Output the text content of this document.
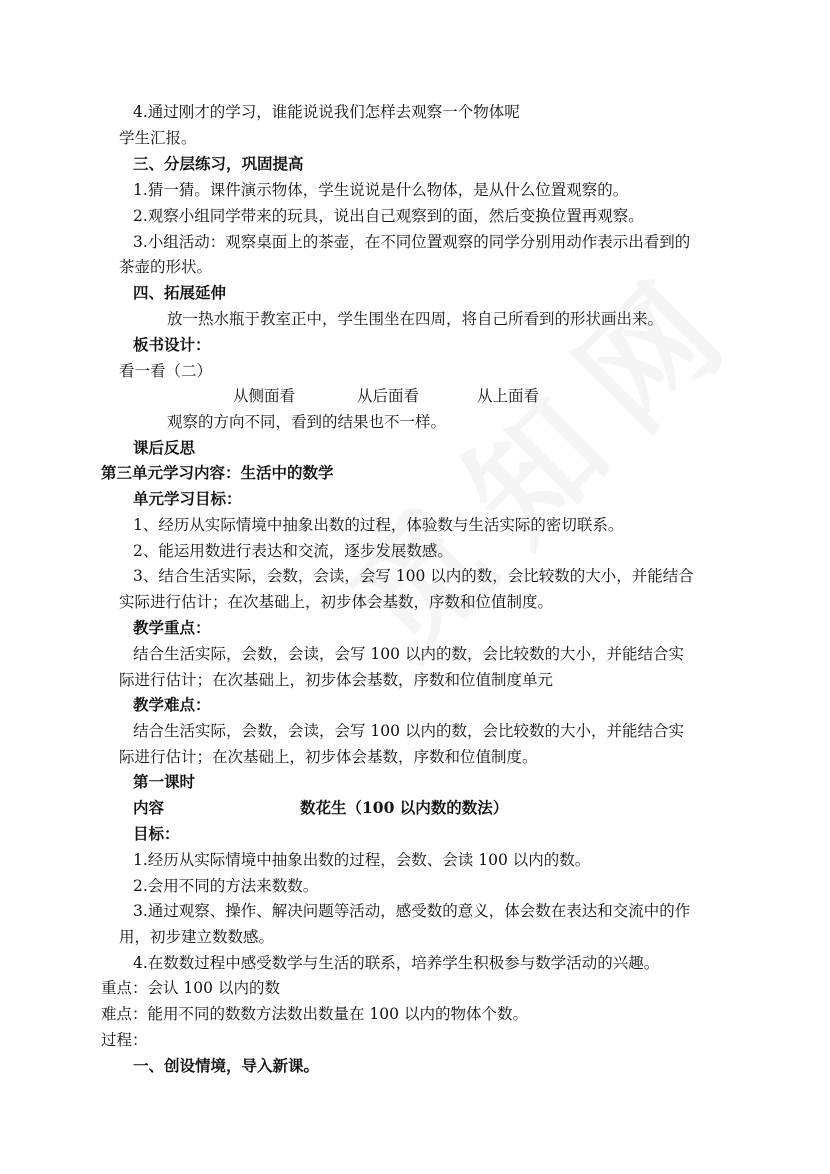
4.通过刚才的学习，谁能说说我们怎样去观察一个物体呢
学生汇报。
三、分层练习，巩固提高
1.猜一猜。课件演示物体，学生说说是什么物体，是从什么位置观察的。
2.观察小组同学带来的玩具，说出自己观察到的面，然后变换位置再观察。
3.小组活动：观察桌面上的茶壶，在不同位置观察的同学分别用动作表示出看到的
茶壶的形状。
四、拓展延伸
放一热水瓶于教室正中，学生围坐在四周，将自己所看到的形状画出来。
板书设计：
看一看（二）
从侧面看	从后面看	从上面看
观察的方向不同，看到的结果也不一样。
课后反思
第三单元学习内容：生活中的数学
单元学习目标：
1、经历从实际情境中抽象出数的过程，体验数与生活实际的密切联系。
2、能运用数进行表达和交流，逐步发展数感。
3、结合生活实际，会数，会读，会写 100 以内的数，会比较数的大小，并能结合
实际进行估计；在次基础上，初步体会基数，序数和位值制度。
教学重点：
结合生活实际，会数，会读，会写 100 以内的数，会比较数的大小，并能结合实
际进行估计；在次基础上，初步体会基数，序数和位值制度单元
教学难点：
结合生活实际，会数，会读，会写 100 以内的数，会比较数的大小，并能结合实
际进行估计；在次基础上，初步体会基数，序数和位值制度。
第一课时
内容	数花生（100 以内数的数法）
目标：
1.经历从实际情境中抽象出数的过程，会数、会读 100 以内的数。
2.会用不同的方法来数数。
3.通过观察、操作、解决问题等活动，感受数的意义，体会数在表达和交流中的作
用，初步建立数数感。
4.在数数过程中感受数学与生活的联系，培养学生积极参与数学活动的兴趣。
重点：会认 100 以内的数
难点：能用不同的数数方法数出数量在 100 以内的物体个数。
过程：
一、创设情境，导入新课。
